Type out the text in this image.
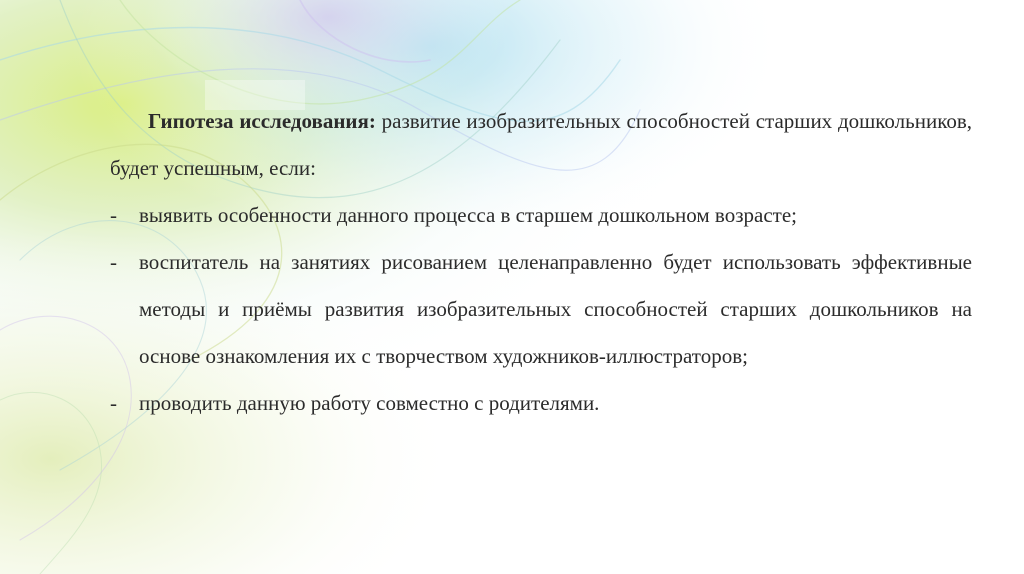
Гипотеза исследования: развитие изобразительных способностей старших дошкольников, будет успешным, если:

-	выявить особенности данного процесса в старшем дошкольном возрасте;
-	воспитатель на занятиях рисованием целенаправленно будет использовать эффективные методы и приёмы развития изобразительных способностей старших дошкольников на основе ознакомления их с творчеством художников-иллюстраторов;
-	проводить данную работу совместно с родителями.
